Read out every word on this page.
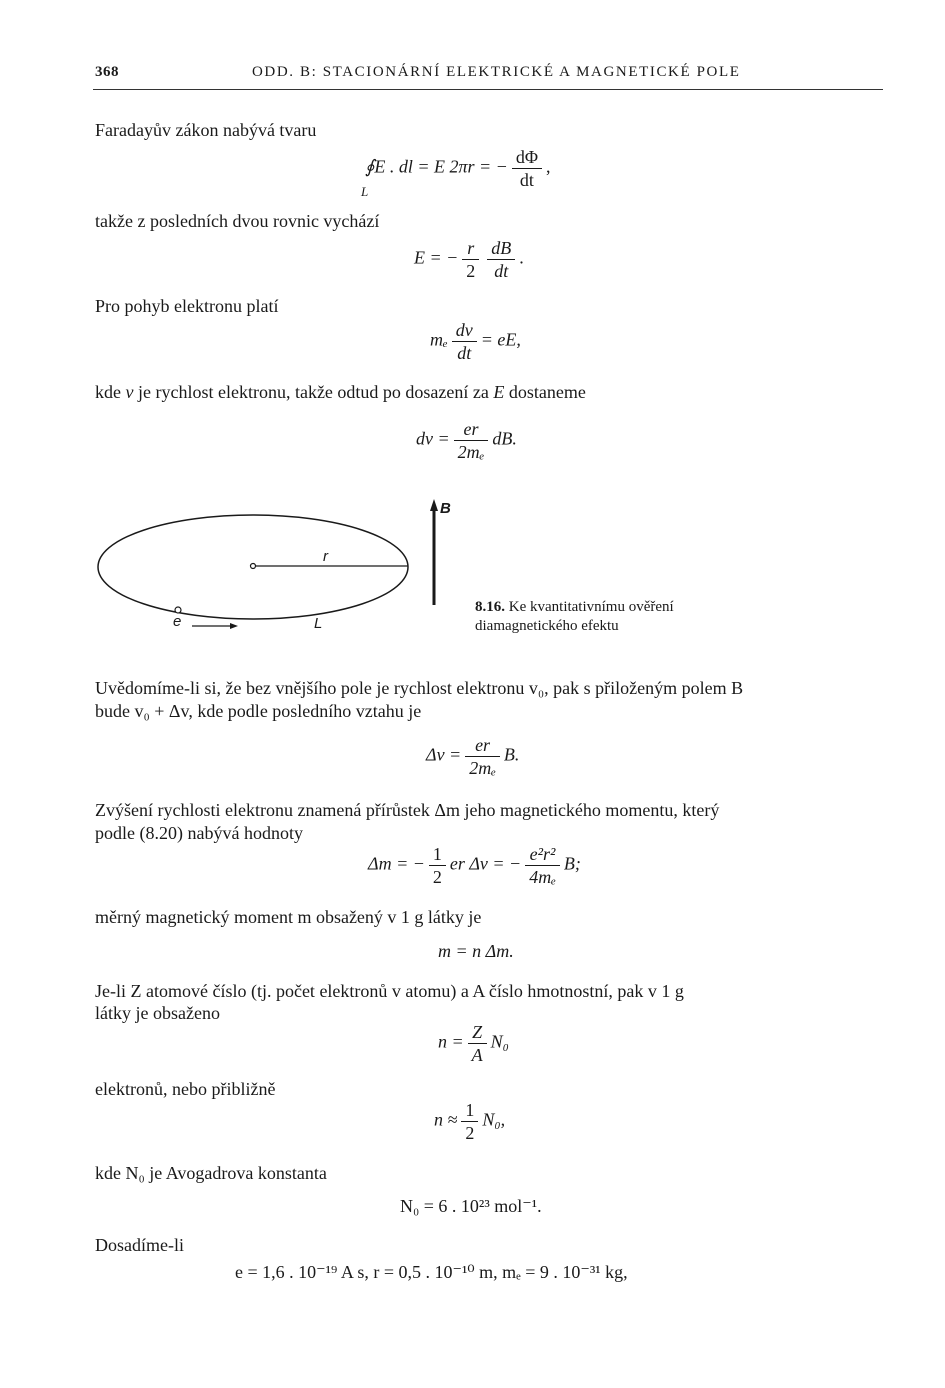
368	ODD. B: STACIONÁRNÍ ELEKTRICKÉ A MAGNETICKÉ POLE
Faradayův zákon nabývá tvaru
∮E . dl = E 2πr = − $\frac{d\Phi}{dt}$ ,
L
takže z posledních dvou rovnic vychází
E = − $\frac{r}{2} \frac{dB}{dt}$ .
Pro pohyb elektronu platí
mₑ $\frac{dv}{dt}$ = eE,
kde v je rychlost elektronu, takže odtud po dosazení za E dostaneme
dv = $\frac{er}{\text{2mₑ}}$ dB.
r
e	L
B
8.16. Ke kvantitativnímu ověření
diamagnetického efektu
Uvědomíme-li si, že bez vnějšího pole je rychlost elektronu v₀, pak s přiloženým polem B
bude v₀ + Δv, kde podle posledního vztahu je
$\Delta v = \frac{er}{\text{2mₑ}} B$.
Zvýšení rychlosti elektronu znamená přírůstek Δm jeho magnetického momentu, který
podle (8.20) nabývá hodnoty
Δm = − $\frac{1}{2}$ er Δv = − $\frac{\text{e²r²}}{\text{4mₑ}} B$;
měrný magnetický moment m obsažený v 1 g látky je
m = n Δm.
Je-li Z atomové číslo (tj. počet elektronů v atomu) a A číslo hmotnostní, pak v 1 g
látky je obsaženo
$n = \frac{Z}{A} N_0$
elektronů, nebo přibližně
$n \approx \frac{1}{2} N_0$,
kde N₀ je Avogadrova konstanta
N₀ = 6 . 10²³ mol⁻¹.
Dosadíme-li
e = 1,6 . 10⁻¹⁹ A s, r = 0,5 . 10⁻¹⁰ m, mₑ = 9 . 10⁻³¹ kg,
